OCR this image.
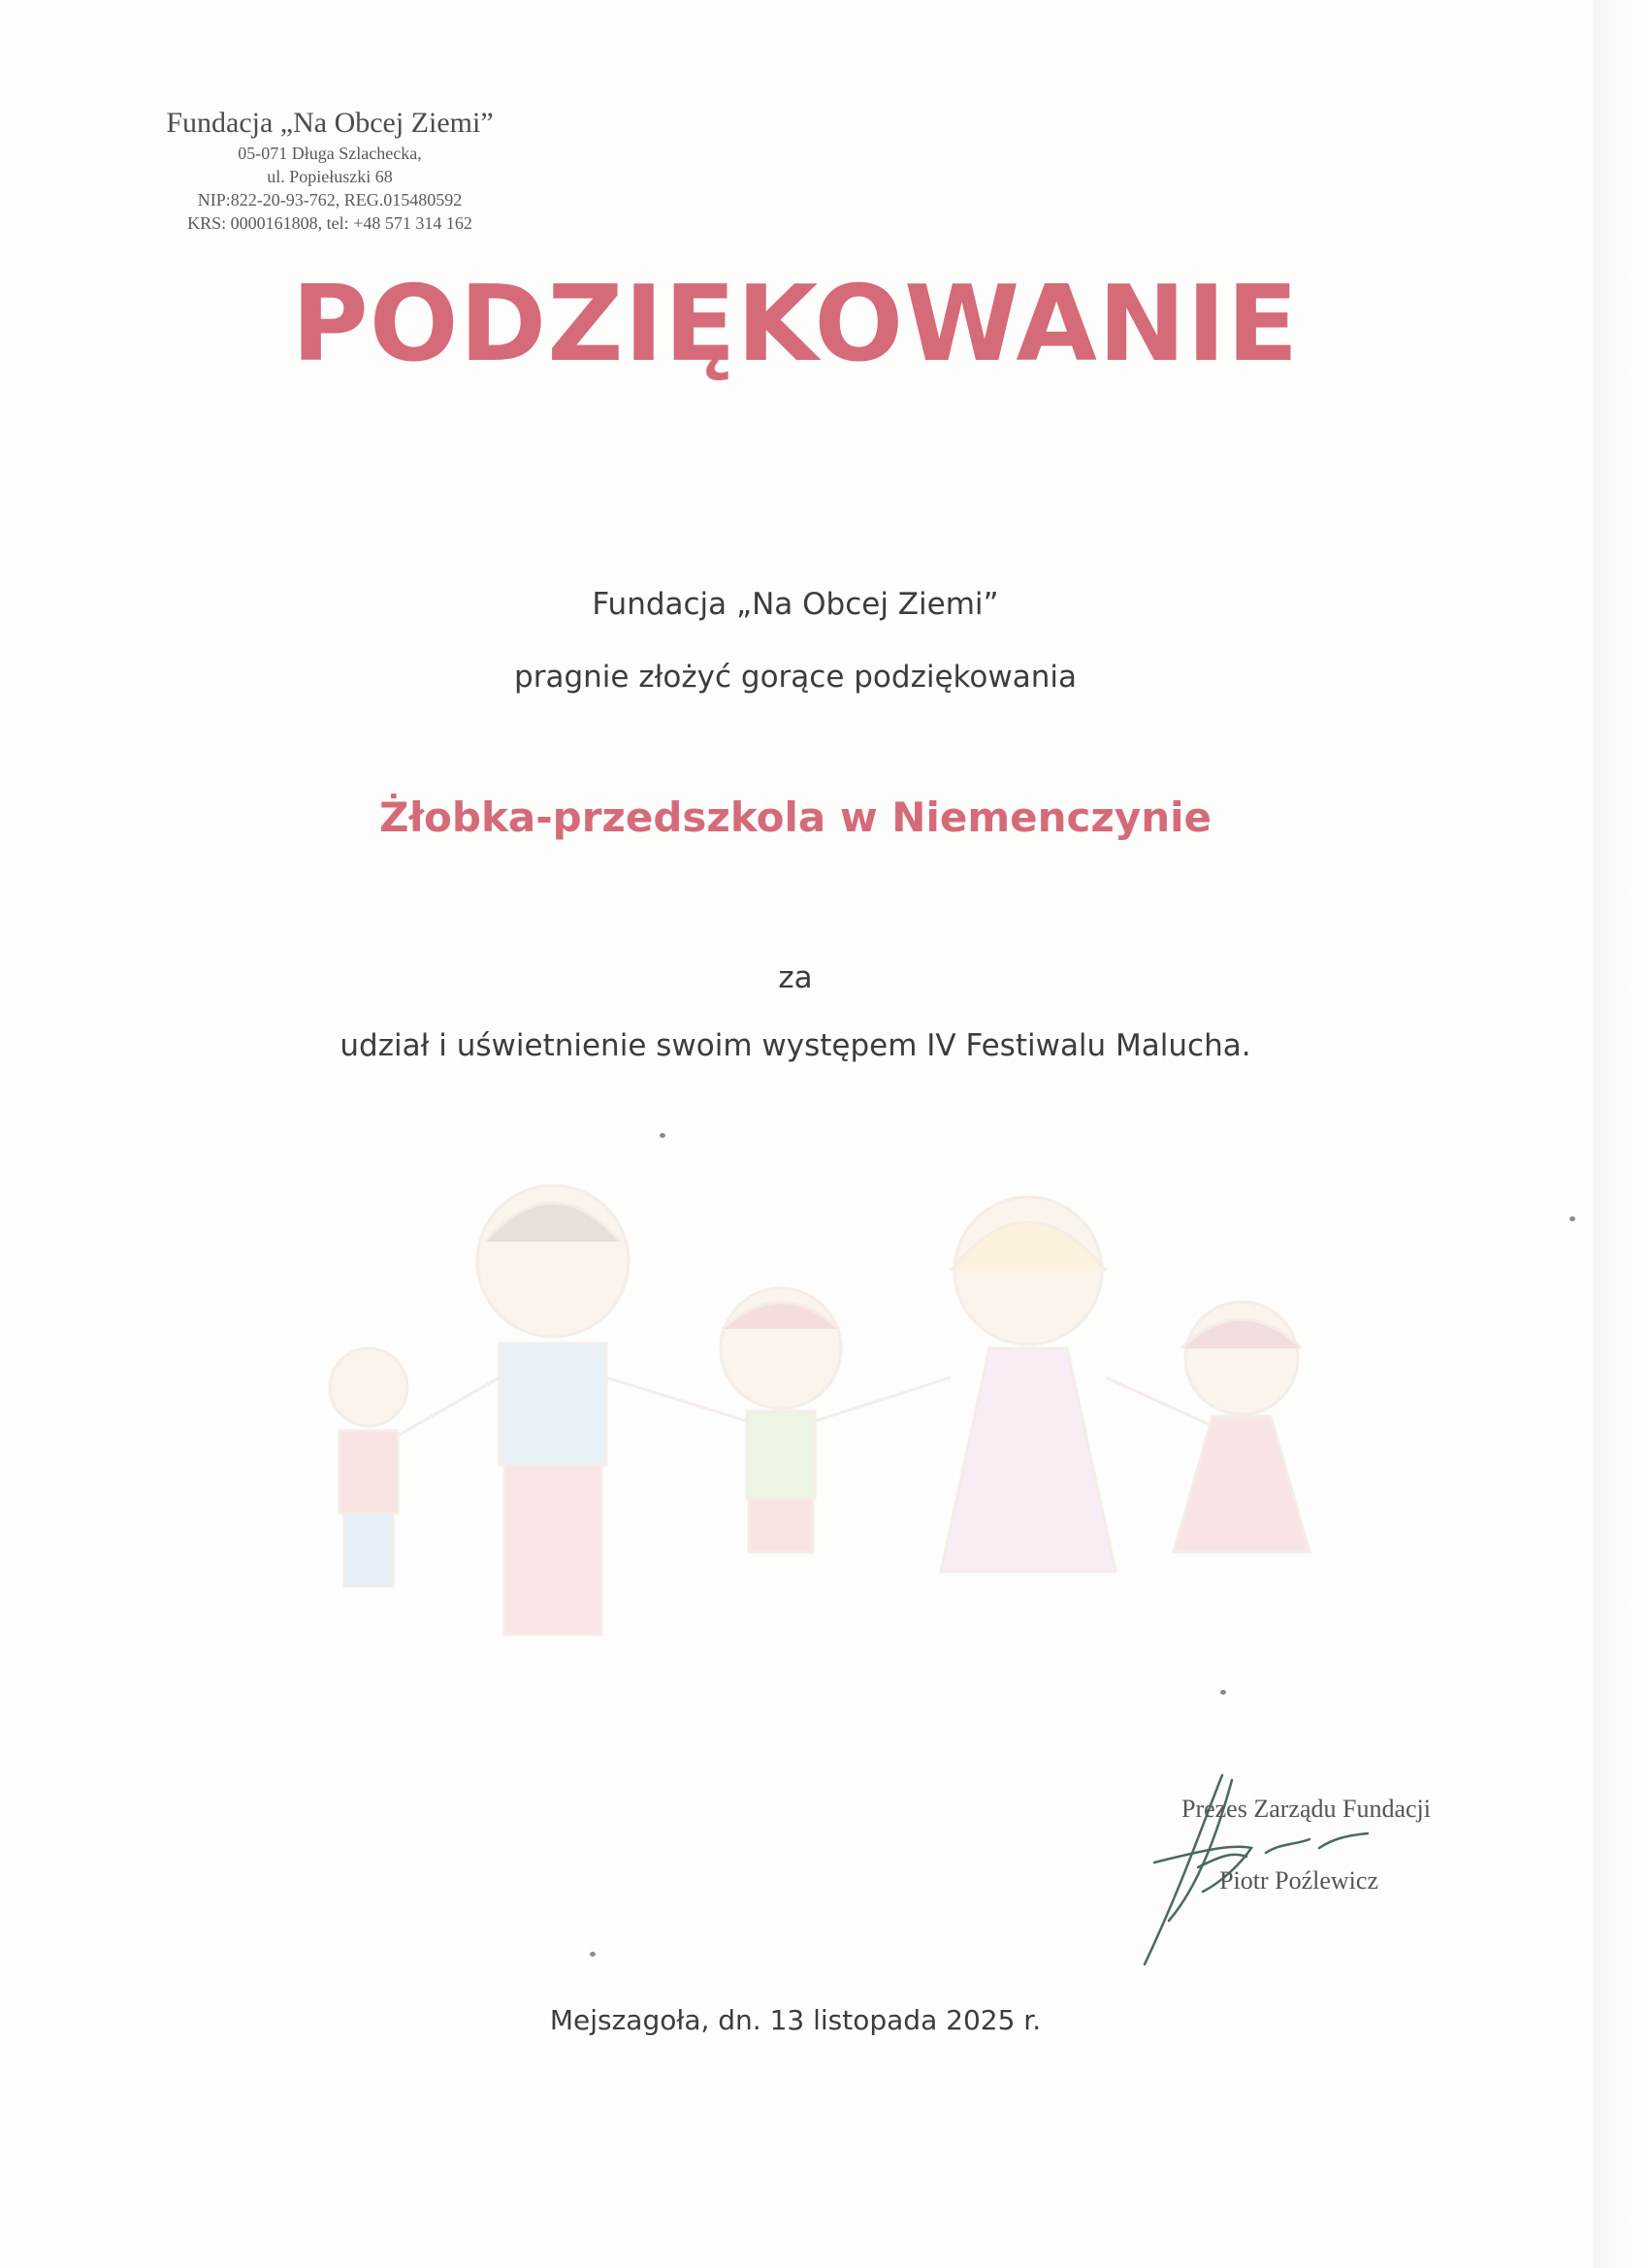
Fundacja „Na Obcej Ziemi”
05-071 Długa Szlachecka,
ul. Popiełuszki 68
NIP:822-20-93-762, REG.015480592
KRS: 0000161808, tel: +48 571 314 162
PODZIĘKOWANIE
Fundacja „Na Obcej Ziemi”
pragnie złożyć gorące podziękowania
Żłobka-przedszkola w Niemenczynie
za
udział i uświetnienie swoim występem IV Festiwalu Malucha.
Prezes Zarządu Fundacji
Piotr Poźlewicz
Mejszagoła, dn. 13 listopada 2025 r.
